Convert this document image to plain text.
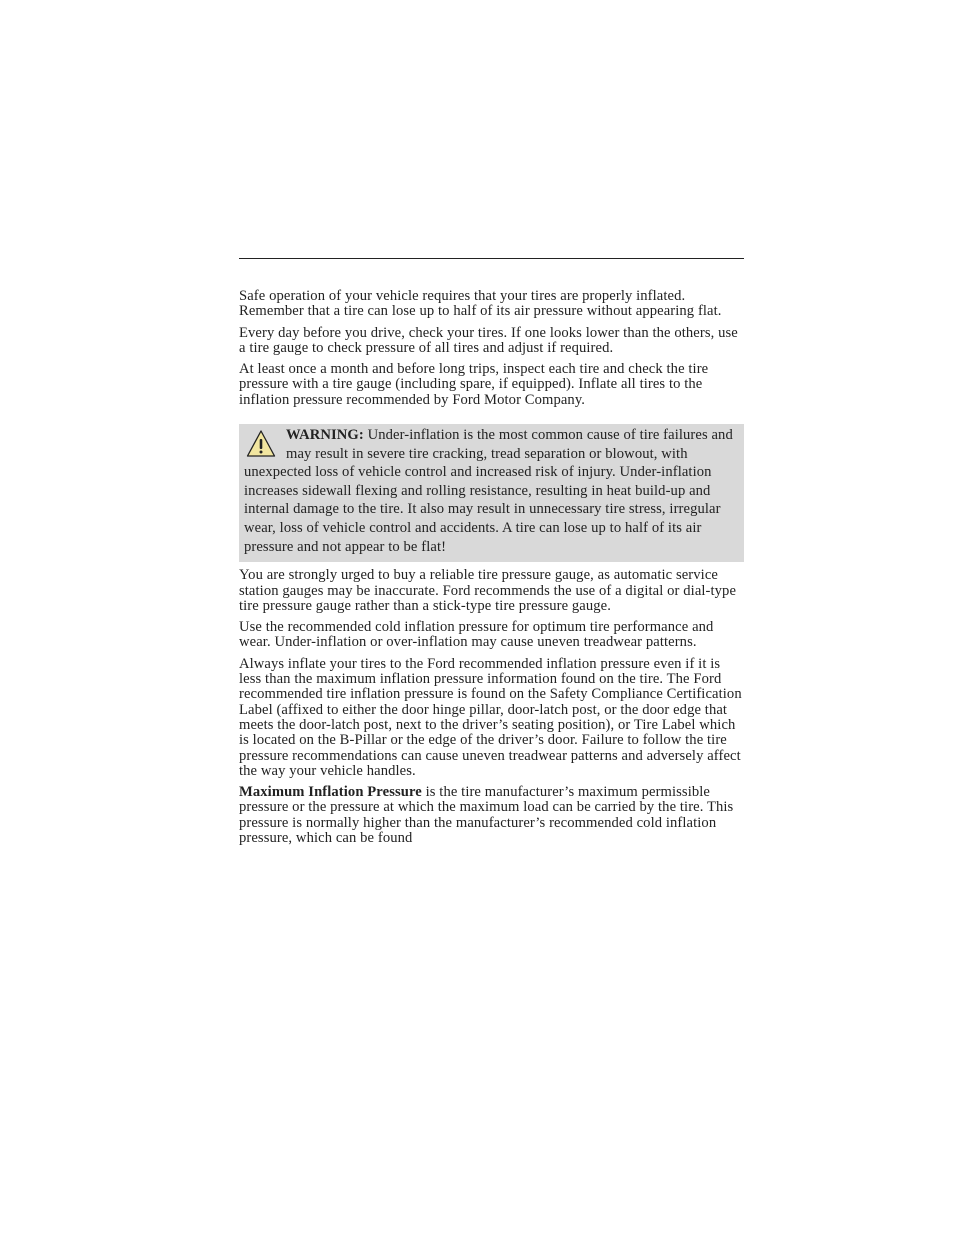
Safe operation of your vehicle requires that your tires are properly inflated. Remember that a tire can lose up to half of its air pressure without appearing flat.

Every day before you drive, check your tires. If one looks lower than the others, use a tire gauge to check pressure of all tires and adjust if required.

At least once a month and before long trips, inspect each tire and check the tire pressure with a tire gauge (including spare, if equipped). Inflate all tires to the inflation pressure recommended by Ford Motor Company.

WARNING: Under-inflation is the most common cause of tire failures and may result in severe tire cracking, tread separation or blowout, with unexpected loss of vehicle control and increased risk of injury. Under-inflation increases sidewall flexing and rolling resistance, resulting in heat build-up and internal damage to the tire. It also may result in unnecessary tire stress, irregular wear, loss of vehicle control and accidents. A tire can lose up to half of its air pressure and not appear to be flat!

You are strongly urged to buy a reliable tire pressure gauge, as automatic service station gauges may be inaccurate. Ford recommends the use of a digital or dial-type tire pressure gauge rather than a stick-type tire pressure gauge.

Use the recommended cold inflation pressure for optimum tire performance and wear. Under-inflation or over-inflation may cause uneven treadwear patterns.

Always inflate your tires to the Ford recommended inflation pressure even if it is less than the maximum inflation pressure information found on the tire. The Ford recommended tire inflation pressure is found on the Safety Compliance Certification Label (affixed to either the door hinge pillar, door-latch post, or the door edge that meets the door-latch post, next to the driver’s seating position), or Tire Label which is located on the B-Pillar or the edge of the driver’s door. Failure to follow the tire pressure recommendations can cause uneven treadwear patterns and adversely affect the way your vehicle handles.

Maximum Inflation Pressure is the tire manufacturer’s maximum permissible pressure or the pressure at which the maximum load can be carried by the tire. This pressure is normally higher than the manufacturer’s recommended cold inflation pressure, which can be found
